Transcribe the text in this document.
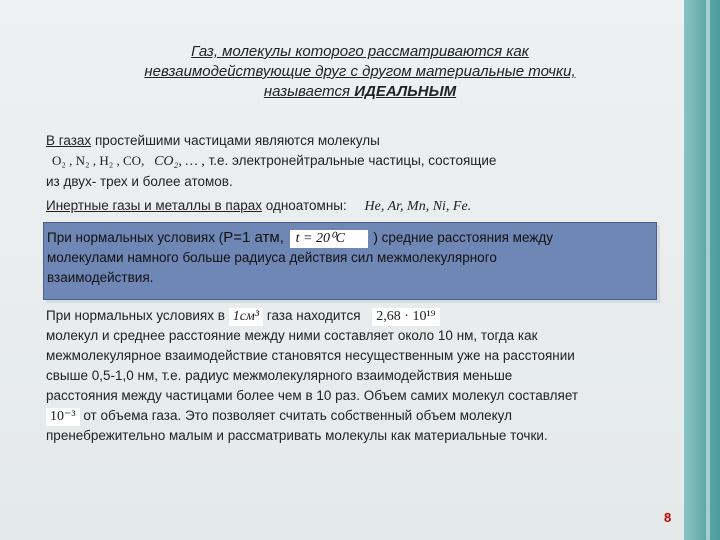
Газ, молекулы которого рассматриваются как
невзаимодействующие друг с другом материальные точки,
называется ИДЕАЛЬНЫМ
В газах простейшими частицами являются молекулы
O₂ , N₂ , H₂ , CO, CO₂, … , т.е. электронейтральные частицы, состоящие
из двух- трех и более атомов.
Инертные газы и металлы в парах одноатомны: He, Ar, Mn, Ni, Fe.
При нормальных условиях (P=1 атм, t = 20⁰C ) средние расстояния между
молекулами намного больше радиуса действия сил межмолекулярного
взаимодействия.
При нормальных условиях в 1см³ газа находится 2,68 · 10¹⁹
молекул и среднее расстояние между ними составляет около 10 нм, тогда как
межмолекулярное взаимодействие становятся несущественным уже на расстоянии
свыше 0,5-1,0 нм, т.е. радиус межмолекулярного взаимодействия меньше
расстояния между частицами более чем в 10 раз. Объем самих молекул составляет
10⁻³ от объема газа. Это позволяет считать собственный объем молекул
пренебрежительно малым и рассматривать молекулы как материальные точки.
8
